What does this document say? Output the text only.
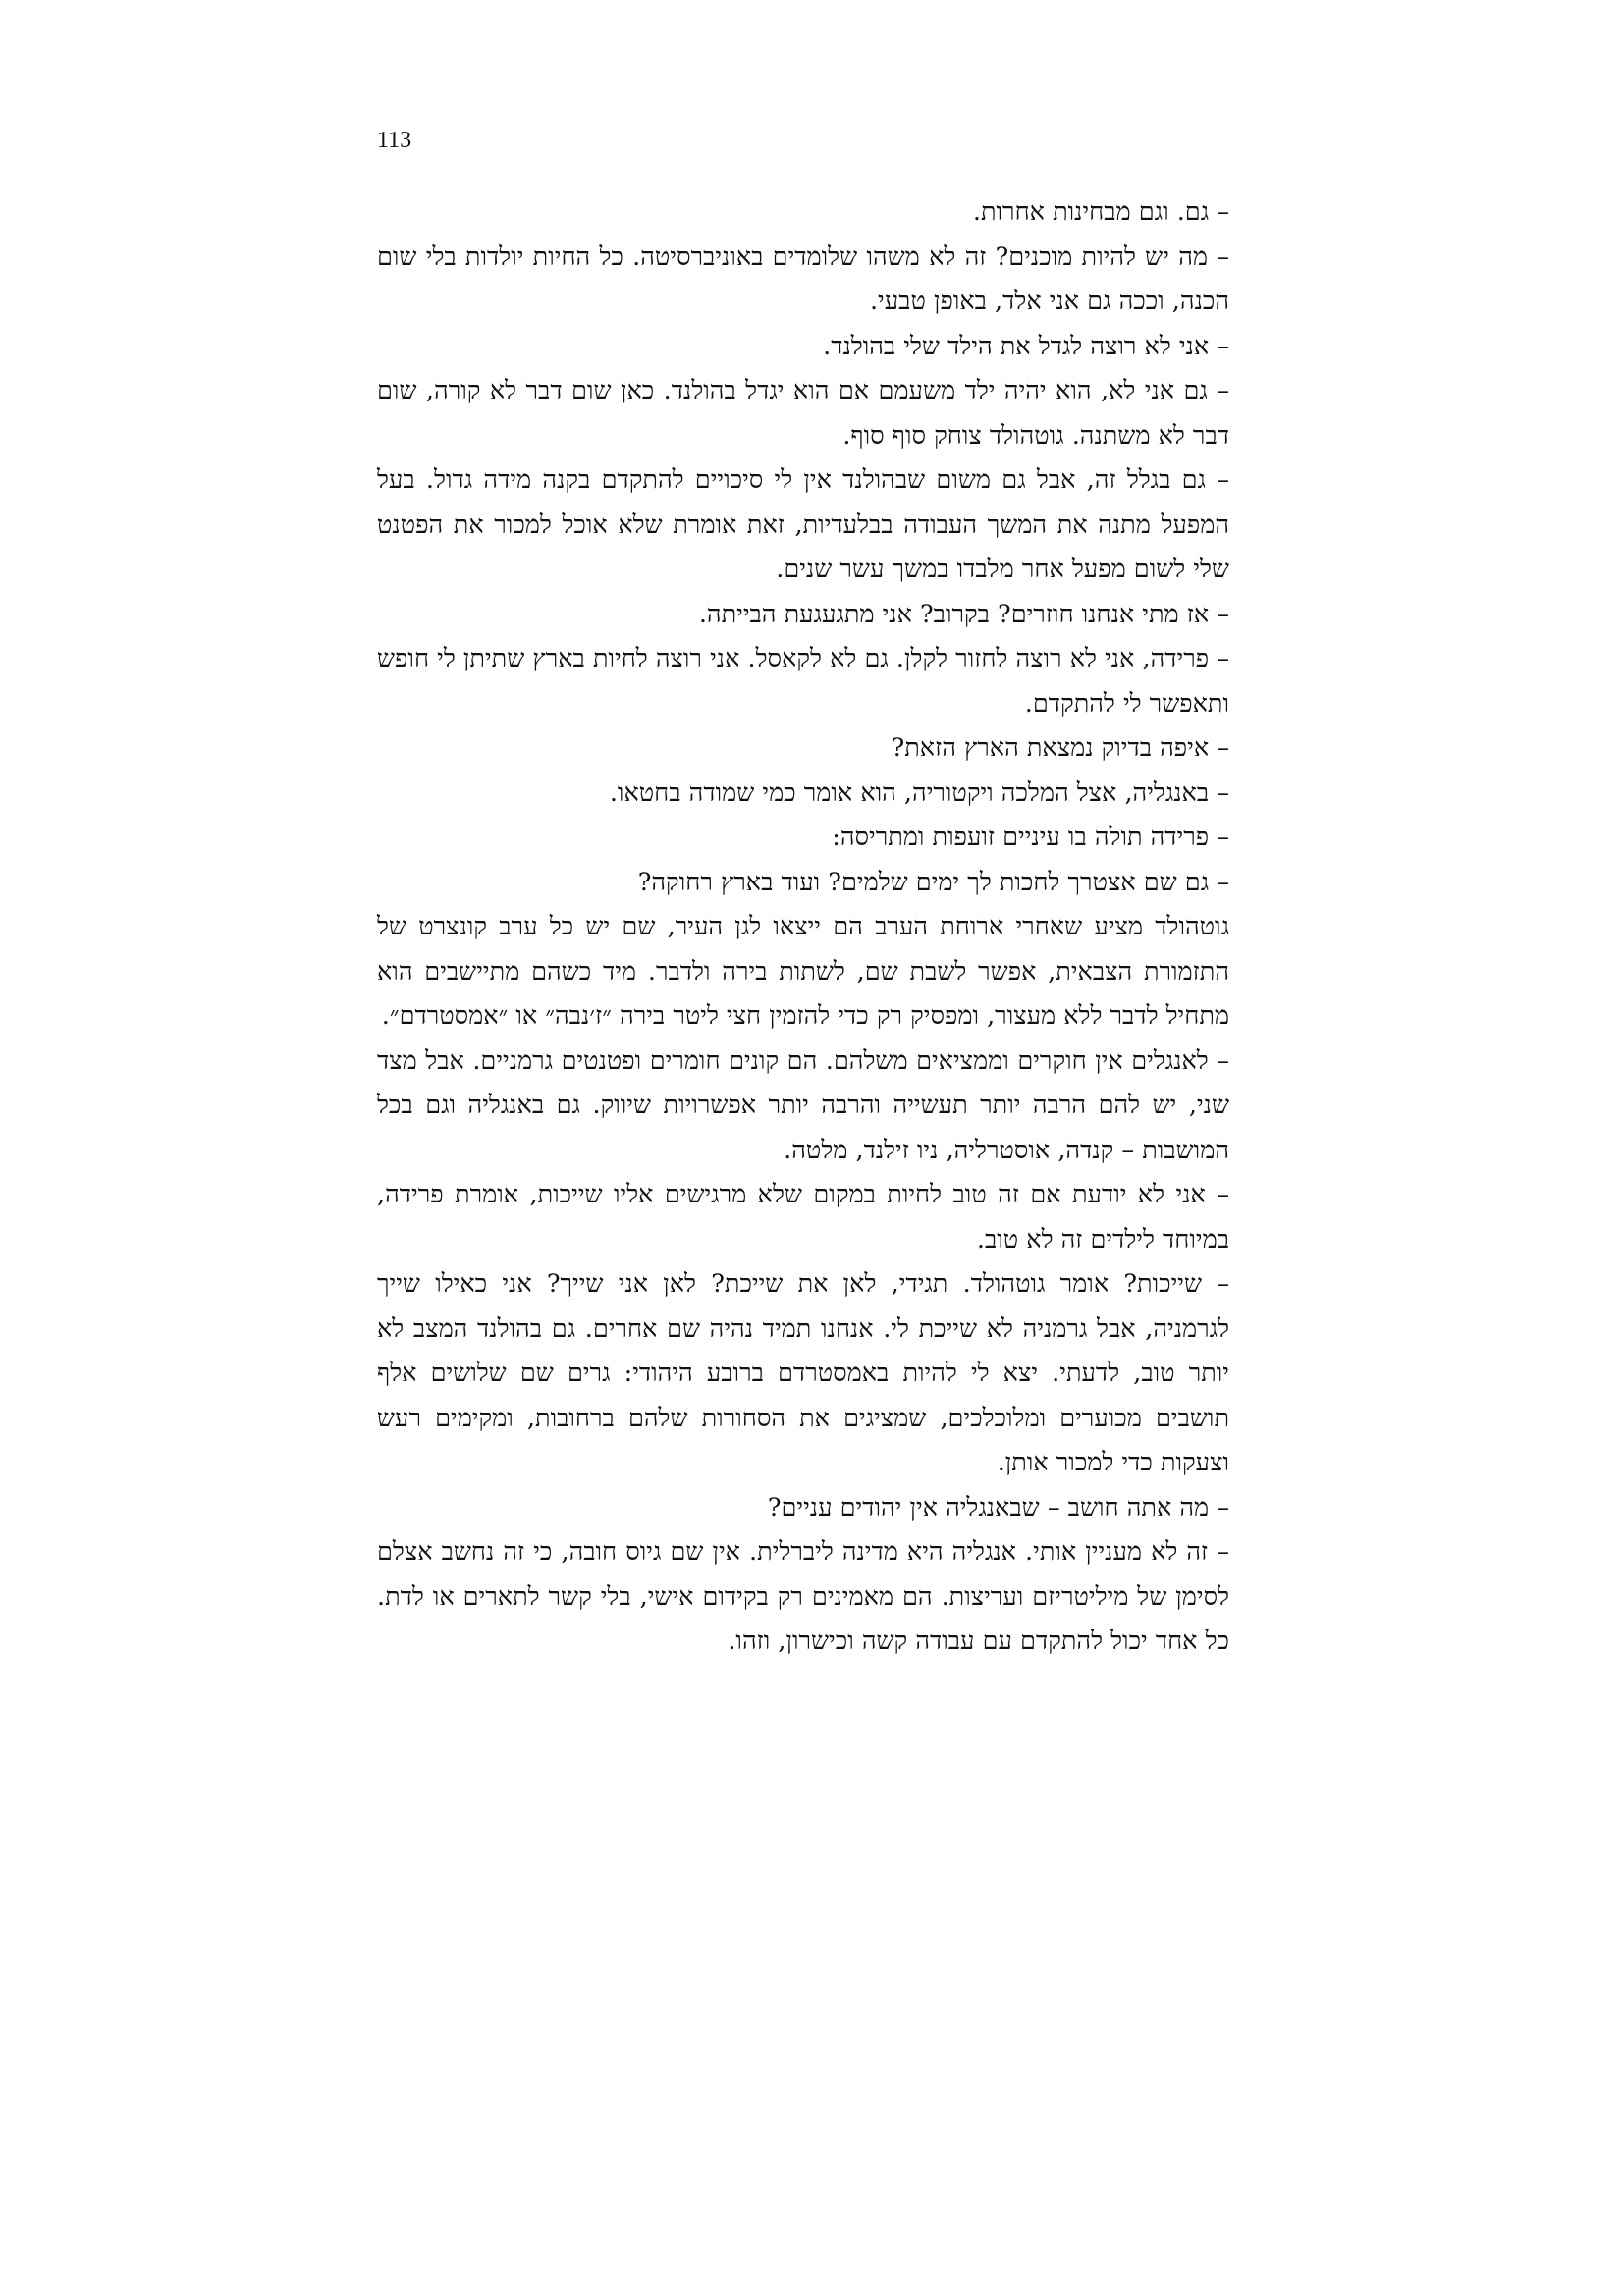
113

– גם. וגם מבחינות אחרות.

– מה יש להיות מוכנים? זה לא משהו שלומדים באוניברסיטה. כל החיות יולדות בלי שום הכנה, וככה גם אני אלד, באופן טבעי.

– אני לא רוצה לגדל את הילד שלי בהולנד.

– גם אני לא, הוא יהיה ילד משעמם אם הוא יגדל בהולנד. כאן שום דבר לא קורה, שום דבר לא משתנה. גוטהולד צוחק סוף סוף.

– גם בגלל זה, אבל גם משום שבהולנד אין לי סיכויים להתקדם בקנה מידה גדול. בעל המפעל מתנה את המשך העבודה בבלעדיות, זאת אומרת שלא אוכל למכור את הפטנט שלי לשום מפעל אחר מלבדו במשך עשר שנים.

– אז מתי אנחנו חוזרים? בקרוב? אני מתגעגעת הבייתה.

– פרידה, אני לא רוצה לחזור לקלן. גם לא לקאסל. אני רוצה לחיות בארץ שתיתן לי חופש ותאפשר לי להתקדם.

– איפה בדיוק נמצאת הארץ הזאת?

– באנגליה, אצל המלכה ויקטוריה, הוא אומר כמי שמודה בחטאו.

– פרידה תולה בו עיניים זועפות ומתריסה:

– גם שם אצטרך לחכות לך ימים שלמים? ועוד בארץ רחוקה?

גוטהולד מציע שאחרי ארוחת הערב הם ייצאו לגן העיר, שם יש כל ערב קונצרט של התזמורת הצבאית, אפשר לשבת שם, לשתות בירה ולדבר. מיד כשהם מתיישבים הוא מתחיל לדבר ללא מעצור, ומפסיק רק כדי להזמין חצי ליטר בירה ״ז׳נבה״ או ״אמסטרדם״.

– לאנגלים אין חוקרים וממציאים משלהם. הם קונים חומרים ופטנטים גרמניים. אבל מצד שני, יש להם הרבה יותר תעשייה והרבה יותר אפשרויות שיווק. גם באנגליה וגם בכל המושבות – קנדה, אוסטרליה, ניו זילנד, מלטה.

– אני לא יודעת אם זה טוב לחיות במקום שלא מרגישים אליו שייכות, אומרת פרידה, במיוחד לילדים זה לא טוב.

– שייכות? אומר גוטהולד. תגידי, לאן את שייכת? לאן אני שייך? אני כאילו שייך לגרמניה, אבל גרמניה לא שייכת לי. אנחנו תמיד נהיה שם אחרים. גם בהולנד המצב לא יותר טוב, לדעתי. יצא לי להיות באמסטרדם ברובע היהודי: גרים שם שלושים אלף תושבים מכוערים ומלוכלכים, שמציגים את הסחורות שלהם ברחובות, ומקימים רעש וצעקות כדי למכור אותן.

– מה אתה חושב – שבאנגליה אין יהודים עניים?

– זה לא מעניין אותי. אנגליה היא מדינה ליברלית. אין שם גיוס חובה, כי זה נחשב אצלם לסימן של מיליטריזם ועריצות. הם מאמינים רק בקידום אישי, בלי קשר לתארים או לדת. כל אחד יכול להתקדם עם עבודה קשה וכישרון, וזהו.
